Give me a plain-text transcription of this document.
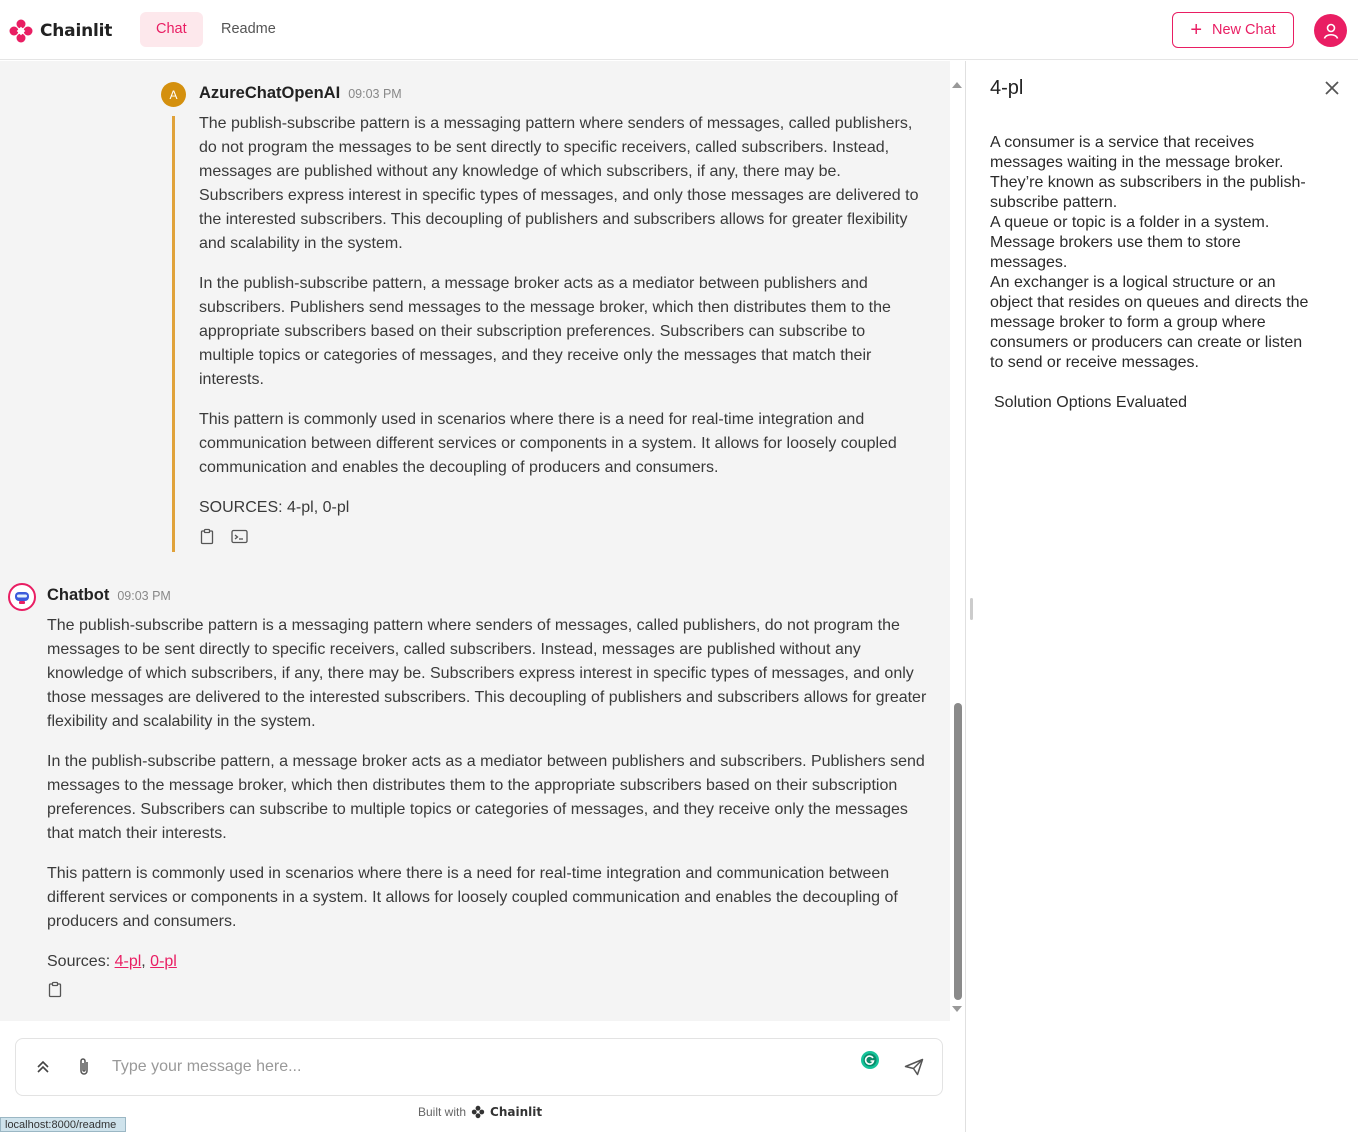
Chainlit	Chat	Readme	+ New Chat
A	AzureChatOpenAI 09:03 PM

The publish-subscribe pattern is a messaging pattern where senders of messages, called publishers, do not program the messages to be sent directly to specific receivers, called subscribers. Instead, messages are published without any knowledge of which subscribers, if any, there may be. Subscribers express interest in specific types of messages, and only those messages are delivered to the interested subscribers. This decoupling of publishers and subscribers allows for greater flexibility and scalability in the system.

In the publish-subscribe pattern, a message broker acts as a mediator between publishers and subscribers. Publishers send messages to the message broker, which then distributes them to the appropriate subscribers based on their subscription preferences. Subscribers can subscribe to multiple topics or categories of messages, and they receive only the messages that match their interests.

This pattern is commonly used in scenarios where there is a need for real-time integration and communication between different services or components in a system. It allows for loosely coupled communication and enables the decoupling of producers and consumers.

SOURCES: 4-pl, 0-pl

Chatbot 09:03 PM

The publish-subscribe pattern is a messaging pattern where senders of messages, called publishers, do not program the messages to be sent directly to specific receivers, called subscribers. Instead, messages are published without any knowledge of which subscribers, if any, there may be. Subscribers express interest in specific types of messages, and only those messages are delivered to the interested subscribers. This decoupling of publishers and subscribers allows for greater flexibility and scalability in the system.

In the publish-subscribe pattern, a message broker acts as a mediator between publishers and subscribers. Publishers send messages to the message broker, which then distributes them to the appropriate subscribers based on their subscription preferences. Subscribers can subscribe to multiple topics or categories of messages, and they receive only the messages that match their interests.

This pattern is commonly used in scenarios where there is a need for real-time integration and communication between different services or components in a system. It allows for loosely coupled communication and enables the decoupling of producers and consumers.

Sources: 4-pl, 0-pl

Type your message here...
Built with Chainlit
localhost:8000/readme
4-pl
A consumer is a service that receives
messages waiting in the message broker.
They’re known as subscribers in the publish-
subscribe pattern.
A queue or topic is a folder in a system.
Message brokers use them to store
messages.
An exchanger is a logical structure or an
object that resides on queues and directs the
message broker to form a group where
consumers or producers can create or listen
to send or receive messages.
Solution Options Evaluated
